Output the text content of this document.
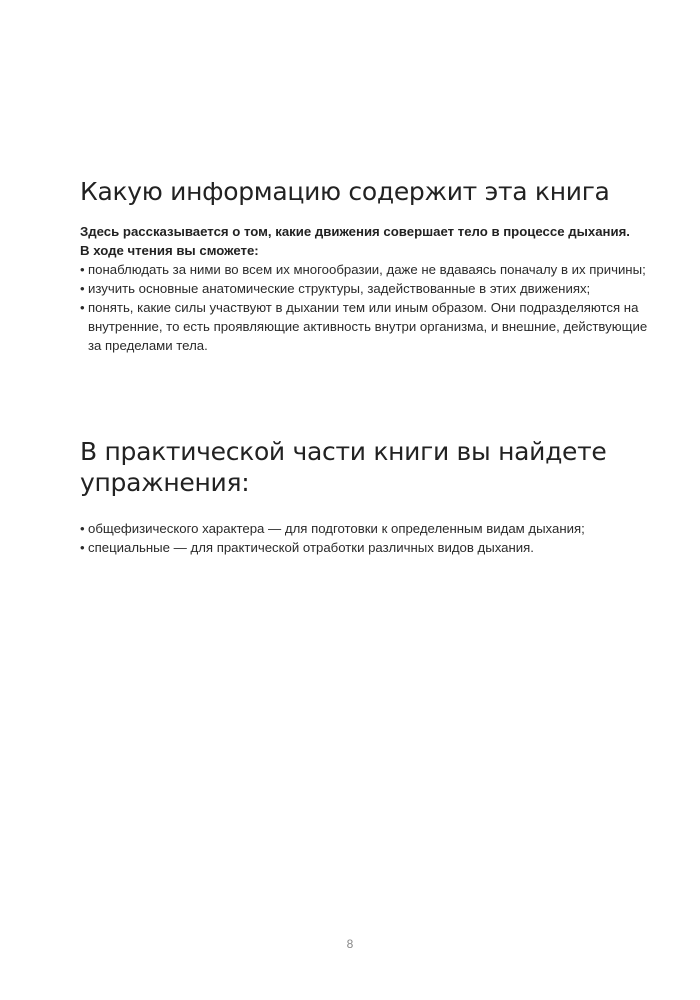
Какую информацию содержит эта книга

Здесь рассказывается о том, какие движения совершает тело в процессе дыхания.
В ходе чтения вы сможете:

• понаблюдать за ними во всем их многообразии, даже не вдаваясь поначалу в их причины;
• изучить основные анатомические структуры, задействованные в этих движениях;
• понять, какие силы участвуют в дыхании тем или иным образом. Они подразделяются на внутренние, то есть проявляющие активность внутри организма, и внешние, действующие за пределами тела.
В практической части книги вы найдете
упражнения:
• общефизического характера — для подготовки к определенным видам дыхания;
• специальные — для практической отработки различных видов дыхания.
8
